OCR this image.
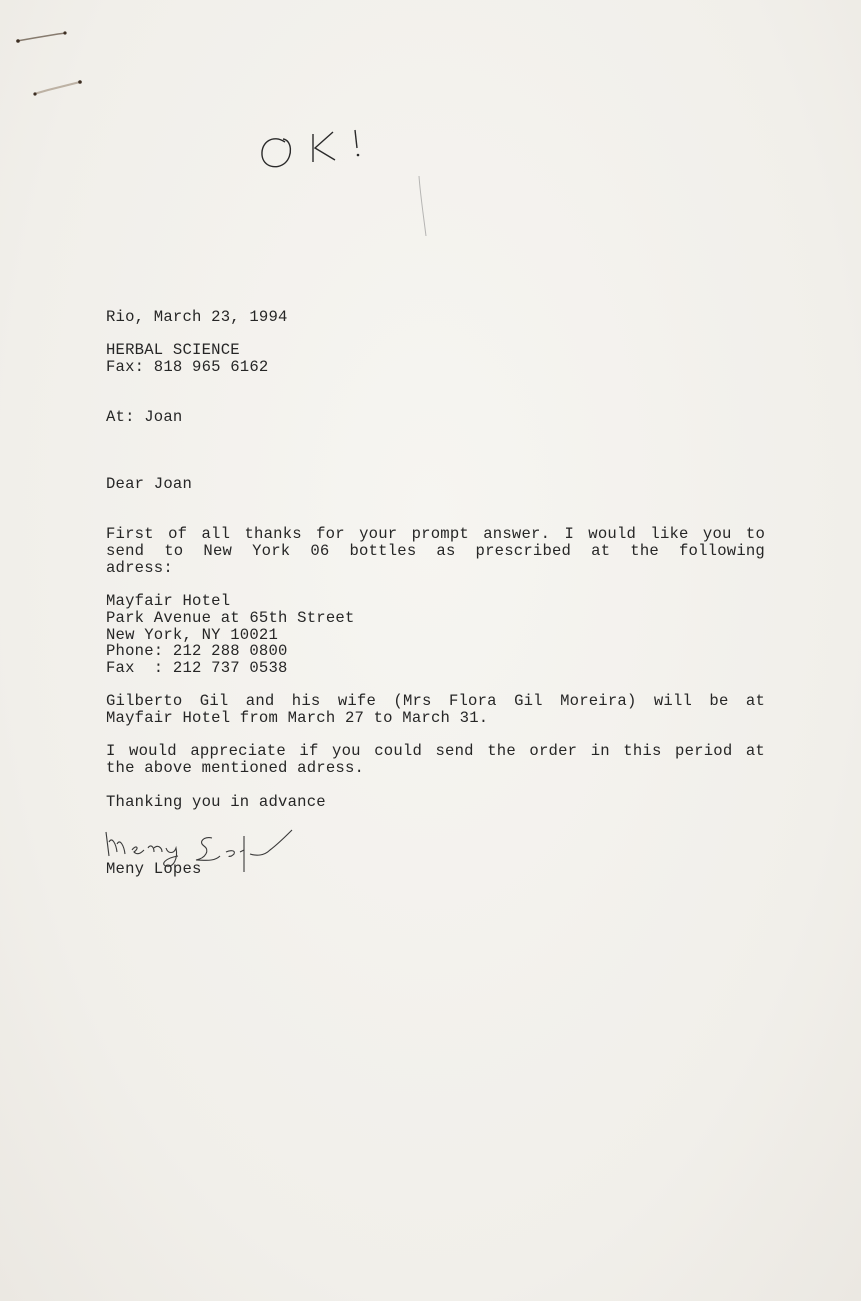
Rio, March 23, 1994
HERBAL SCIENCE
Fax: 818 965 6162
At: Joan
Dear Joan
First of all thanks for your prompt answer. I would like you to
send to New York 06 bottles as prescribed at the following
adress:
Mayfair Hotel
Park Avenue at 65th Street
New York, NY 10021
Phone: 212 288 0800
Fax  : 212 737 0538
Gilberto Gil and his wife (Mrs Flora Gil Moreira) will be at
Mayfair Hotel from March 27 to March 31.
I would appreciate if you could send the order in this period at
the above mentioned adress.
Thanking you in advance
Meny Lopes
